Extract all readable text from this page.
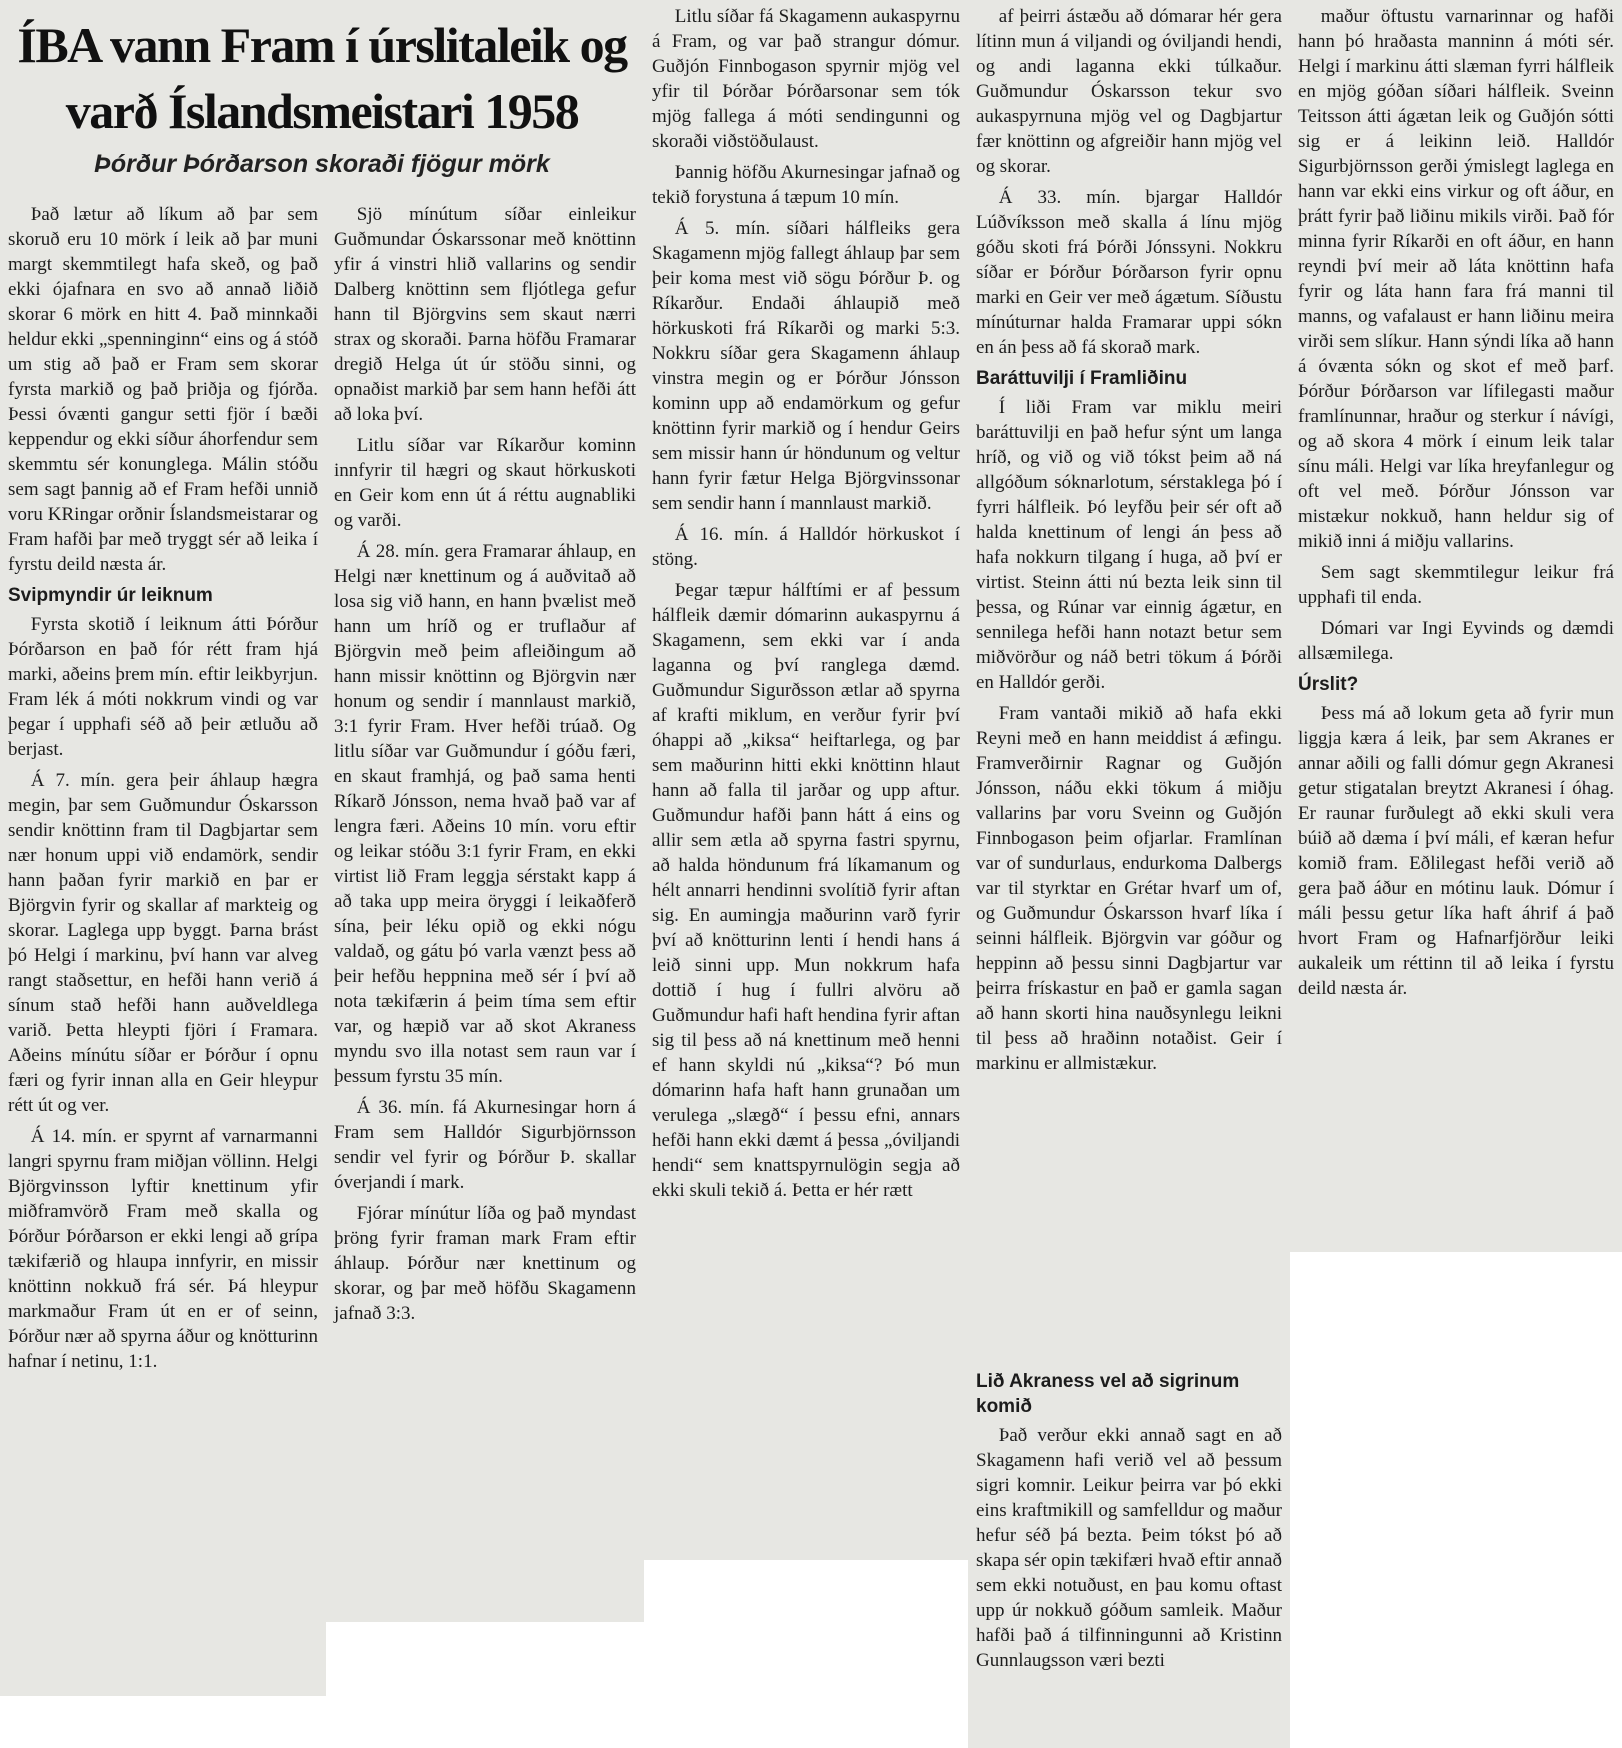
ÍBA vann Fram í úrslitaleik og varð Íslandsmeistari 1958
Þórður Þórðarson skoraði fjögur mörk

Það lætur að líkum að þar sem skoruð eru 10 mörk í leik að þar muni margt skemmtilegt hafa skeð, og það ekki ójafnara en svo að annað liðið skorar 6 mörk en hitt 4. Það minnkaði heldur ekki „spenninginn“ eins og á stóð um stig að það er Fram sem skorar fyrsta markið og það þriðja og fjórða. Þessi óvænti gangur setti fjör í bæði keppendur og ekki síður áhorfendur sem skemmtu sér konunglega. Málin stóðu sem sagt þannig að ef Fram hefði unnið voru KRingar orðnir Íslandsmeistarar og Fram hafði þar með tryggt sér að leika í fyrstu deild næsta ár.

Svipmyndir úr leiknum

Fyrsta skotið í leiknum átti Þórður Þórðarson en það fór rétt fram hjá marki, aðeins þrem mín. eftir leikbyrjun. Fram lék á móti nokkrum vindi og var þegar í upphafi séð að þeir ætluðu að berjast.

Á 7. mín. gera þeir áhlaup hægra megin, þar sem Guðmundur Óskarsson sendir knöttinn fram til Dagbjartar sem nær honum uppi við endamörk, sendir hann þaðan fyrir markið en þar er Björgvin fyrir og skallar af markteig og skorar. Laglega upp byggt. Þarna brást þó Helgi í markinu, því hann var alveg rangt staðsettur, en hefði hann verið á sínum stað hefði hann auðveldlega varið. Þetta hleypti fjöri í Framara. Aðeins mínútu síðar er Þórður í opnu færi og fyrir innan alla en Geir hleypur rétt út og ver.

Á 14. mín. er spyrnt af varnarmanni langri spyrnu fram miðjan völlinn. Helgi Björgvinsson lyftir knettinum yfir miðframvörð Fram með skalla og Þórður Þórðarson er ekki lengi að grípa tækifærið og hlaupa innfyrir, en missir knöttinn nokkuð frá sér. Þá hleypur markmaður Fram út en er of seinn, Þórður nær að spyrna áður og knötturinn hafnar í netinu, 1:1.

Sjö mínútum síðar einleikur Guðmundar Óskarssonar með knöttinn yfir á vinstri hlið vallarins og sendir Dalberg knöttinn sem fljótlega gefur hann til Björgvins sem skaut nærri strax og skoraði. Þarna höfðu Framarar dregið Helga út úr stöðu sinni, og opnaðist markið þar sem hann hefði átt að loka því.

Litlu síðar var Ríkarður kominn innfyrir til hægri og skaut hörkuskoti en Geir kom enn út á réttu augnabliki og varði.

Á 28. mín. gera Framarar áhlaup, en Helgi nær knettinum og á auðvitað að losa sig við hann, en hann þvælist með hann um hríð og er truflaður af Björgvin með þeim afleiðingum að hann missir knöttinn og Björgvin nær honum og sendir í mannlaust markið, 3:1 fyrir Fram. Hver hefði trúað. Og litlu síðar var Guðmundur í góðu færi, en skaut framhjá, og það sama henti Ríkarð Jónsson, nema hvað það var af lengra færi. Aðeins 10 mín. voru eftir og leikar stóðu 3:1 fyrir Fram, en ekki virtist lið Fram leggja sérstakt kapp á að taka upp meira öryggi í leikaðferð sína, þeir léku opið og ekki nógu valdað, og gátu þó varla vænzt þess að þeir hefðu heppnina með sér í því að nota tækifærin á þeim tíma sem eftir var, og hæpið var að skot Akraness myndu svo illa notast sem raun var í þessum fyrstu 35 mín.

Á 36. mín. fá Akurnesingar horn á Fram sem Halldór Sigurbjörnsson sendir vel fyrir og Þórður Þ. skallar óverjandi í mark.

Fjórar mínútur líða og það myndast þröng fyrir framan mark Fram eftir áhlaup. Þórður nær knettinum og skorar, og þar með höfðu Skagamenn jafnað 3:3.

Litlu síðar fá Skagamenn aukaspyrnu á Fram, og var það strangur dómur. Guðjón Finnbogason spyrnir mjög vel yfir til Þórðar Þórðarsonar sem tók mjög fallega á móti sendingunni og skoraði viðstöðulaust.

Þannig höfðu Akurnesingar jafnað og tekið forystuna á tæpum 10 mín.

Á 5. mín. síðari hálfleiks gera Skagamenn mjög fallegt áhlaup þar sem þeir koma mest við sögu Þórður Þ. og Ríkarður. Endaði áhlaupið með hörkuskoti frá Ríkarði og marki 5:3. Nokkru síðar gera Skagamenn áhlaup vinstra megin og er Þórður Jónsson kominn upp að endamörkum og gefur knöttinn fyrir markið og í hendur Geirs sem missir hann úr höndunum og veltur hann fyrir fætur Helga Björgvinssonar sem sendir hann í mannlaust markið.

Á 16. mín. á Halldór hörkuskot í stöng.

Þegar tæpur hálftími er af þessum hálfleik dæmir dómarinn aukaspyrnu á Skagamenn, sem ekki var í anda laganna og því ranglega dæmd. Guðmundur Sigurðsson ætlar að spyrna af krafti miklum, en verður fyrir því óhappi að „kiksa“ heiftarlega, og þar sem maðurinn hitti ekki knöttinn hlaut hann að falla til jarðar og upp aftur. Guðmundur hafði þann hátt á eins og allir sem ætla að spyrna fastri spyrnu, að halda höndunum frá líkamanum og hélt annarri hendinni svolítið fyrir aftan sig. En aumingja maðurinn varð fyrir því að knötturinn lenti í hendi hans á leið sinni upp. Mun nokkrum hafa dottið í hug í fullri alvöru að Guðmundur hafi haft hendina fyrir aftan sig til þess að ná knettinum með henni ef hann skyldi nú „kiksa“? Þó mun dómarinn hafa haft hann grunaðan um verulega „slægð“ í þessu efni, annars hefði hann ekki dæmt á þessa „óviljandi hendi“ sem knattspyrnulögin segja að ekki skuli tekið á. Þetta er hér rætt

af þeirri ástæðu að dómarar hér gera lítinn mun á viljandi og óviljandi hendi, og andi laganna ekki túlkaður. Guðmundur Óskarsson tekur svo aukaspyrnuna mjög vel og Dagbjartur fær knöttinn og afgreiðir hann mjög vel og skorar.

Á 33. mín. bjargar Halldór Lúðvíksson með skalla á línu mjög góðu skoti frá Þórði Jónssyni. Nokkru síðar er Þórður Þórðarson fyrir opnu marki en Geir ver með ágætum. Síðustu mínúturnar halda Framarar uppi sókn en án þess að fá skorað mark.

Baráttuvilji í Framliðinu

Í liði Fram var miklu meiri baráttuvilji en það hefur sýnt um langa hríð, og við og við tókst þeim að ná allgóðum sóknarlotum, sérstaklega þó í fyrri hálfleik. Þó leyfðu þeir sér oft að halda knettinum of lengi án þess að hafa nokkurn tilgang í huga, að því er virtist. Steinn átti nú bezta leik sinn til þessa, og Rúnar var einnig ágætur, en sennilega hefði hann notazt betur sem miðvörður og náð betri tökum á Þórði en Halldór gerði.

Fram vantaði mikið að hafa ekki Reyni með en hann meiddist á æfingu. Framverðirnir Ragnar og Guðjón Jónsson, náðu ekki tökum á miðju vallarins þar voru Sveinn og Guðjón Finnbogason þeim ofjarlar. Framlínan var of sundurlaus, endurkoma Dalbergs var til styrktar en Grétar hvarf um of, og Guðmundur Óskarsson hvarf líka í seinni hálfleik. Björgvin var góður og heppinn að þessu sinni Dagbjartur var þeirra frískastur en það er gamla sagan að hann skorti hina nauðsynlegu leikni til þess að hraðinn notaðist. Geir í markinu er allmistækur.

Lið Akraness vel að sigrinum komið

Það verður ekki annað sagt en að Skagamenn hafi verið vel að þessum sigri komnir. Leikur þeirra var þó ekki eins kraftmikill og samfelldur og maður hefur séð þá bezta. Þeim tókst þó að skapa sér opin tækifæri hvað eftir annað sem ekki notuðust, en þau komu oftast upp úr nokkuð góðum samleik. Maður hafði það á tilfinningunni að Kristinn Gunnlaugsson væri bezti

maður öftustu varnarinnar og hafði hann þó hraðasta manninn á móti sér. Helgi í markinu átti slæman fyrri hálfleik en mjög góðan síðari hálfleik. Sveinn Teitsson átti ágætan leik og Guðjón sótti sig er á leikinn leið. Halldór Sigurbjörnsson gerði ýmislegt laglega en hann var ekki eins virkur og oft áður, en þrátt fyrir það liðinu mikils virði. Það fór minna fyrir Ríkarði en oft áður, en hann reyndi því meir að láta knöttinn hafa fyrir og láta hann fara frá manni til manns, og vafalaust er hann liðinu meira virði sem slíkur. Hann sýndi líka að hann á óvænta sókn og skot ef með þarf. Þórður Þórðarson var lífilegasti maður framlínunnar, hraður og sterkur í návígi, og að skora 4 mörk í einum leik talar sínu máli. Helgi var líka hreyfanlegur og oft vel með. Þórður Jónsson var mistækur nokkuð, hann heldur sig of mikið inni á miðju vallarins.

Sem sagt skemmtilegur leikur frá upphafi til enda.

Dómari var Ingi Eyvinds og dæmdi allsæmilega.

Úrslit?

Þess má að lokum geta að fyrir mun liggja kæra á leik, þar sem Akranes er annar aðili og falli dómur gegn Akranesi getur stigatalan breytzt Akranesi í óhag. Er raunar furðulegt að ekki skuli vera búið að dæma í því máli, ef kæran hefur komið fram. Eðlilegast hefði verið að gera það áður en mótinu lauk. Dómur í máli þessu getur líka haft áhrif á það hvort Fram og Hafnarfjörður leiki aukaleik um réttinn til að leika í fyrstu deild næsta ár.
